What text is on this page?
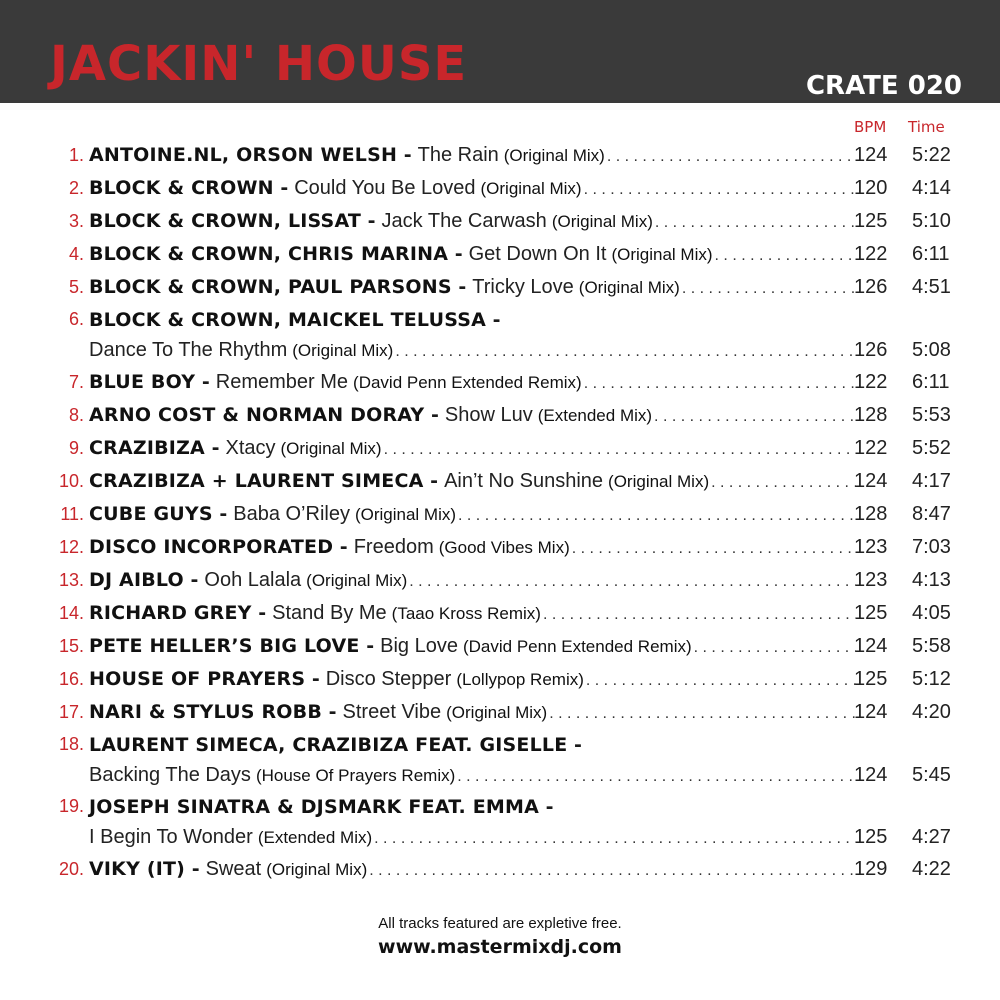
JACKIN' HOUSE	CRATE 020
BPM Time
1. ANTOINE.NL, ORSON WELSH - The Rain (Original Mix) . . .	124	5:22
2. BLOCK & CROWN - Could You Be Loved (Original Mix) . . .	120	4:14
3. BLOCK & CROWN, LISSAT - Jack The Carwash (Original Mix) . . .	125	5:10
4. BLOCK & CROWN, CHRIS MARINA - Get Down On It (Original Mix) . . .	122	6:11
5. BLOCK & CROWN, PAUL PARSONS - Tricky Love (Original Mix) . . .	126	4:51
6. BLOCK & CROWN, MAICKEL TELUSSA -
Dance To The Rhythm (Original Mix) . . .	126	5:08
7. BLUE BOY - Remember Me (David Penn Extended Remix) . . .	122	6:11
8. ARNO COST & NORMAN DORAY - Show Luv (Extended Mix) . . .	128	5:53
9. CRAZIBIZA - Xtacy (Original Mix) . . .	122	5:52
10. CRAZIBIZA + LAURENT SIMECA - Ain’t No Sunshine (Original Mix) . . .	124	4:17
11. CUBE GUYS - Baba O’Riley (Original Mix) . . .	128	8:47
12. DISCO INCORPORATED - Freedom (Good Vibes Mix) . . .	123	7:03
13. DJ AIBLO - Ooh Lalala (Original Mix) . . .	123	4:13
14. RICHARD GREY - Stand By Me (Taao Kross Remix) . . .	125	4:05
15. PETE HELLER’S BIG LOVE - Big Love (David Penn Extended Remix) . . .	124	5:58
16. HOUSE OF PRAYERS - Disco Stepper (Lollypop Remix) . . .	125	5:12
17. NARI & STYLUS ROBB - Street Vibe (Original Mix) . . .	124	4:20
18. LAURENT SIMECA, CRAZIBIZA FEAT. GISELLE -
Backing The Days (House Of Prayers Remix) . . .	124	5:45
19. JOSEPH SINATRA & DJSMARK FEAT. EMMA -
I Begin To Wonder (Extended Mix) . . .	125	4:27
20. VIKY (IT) - Sweat (Original Mix) . . .	129	4:22
All tracks featured are expletive free.
www.mastermixdj.com
